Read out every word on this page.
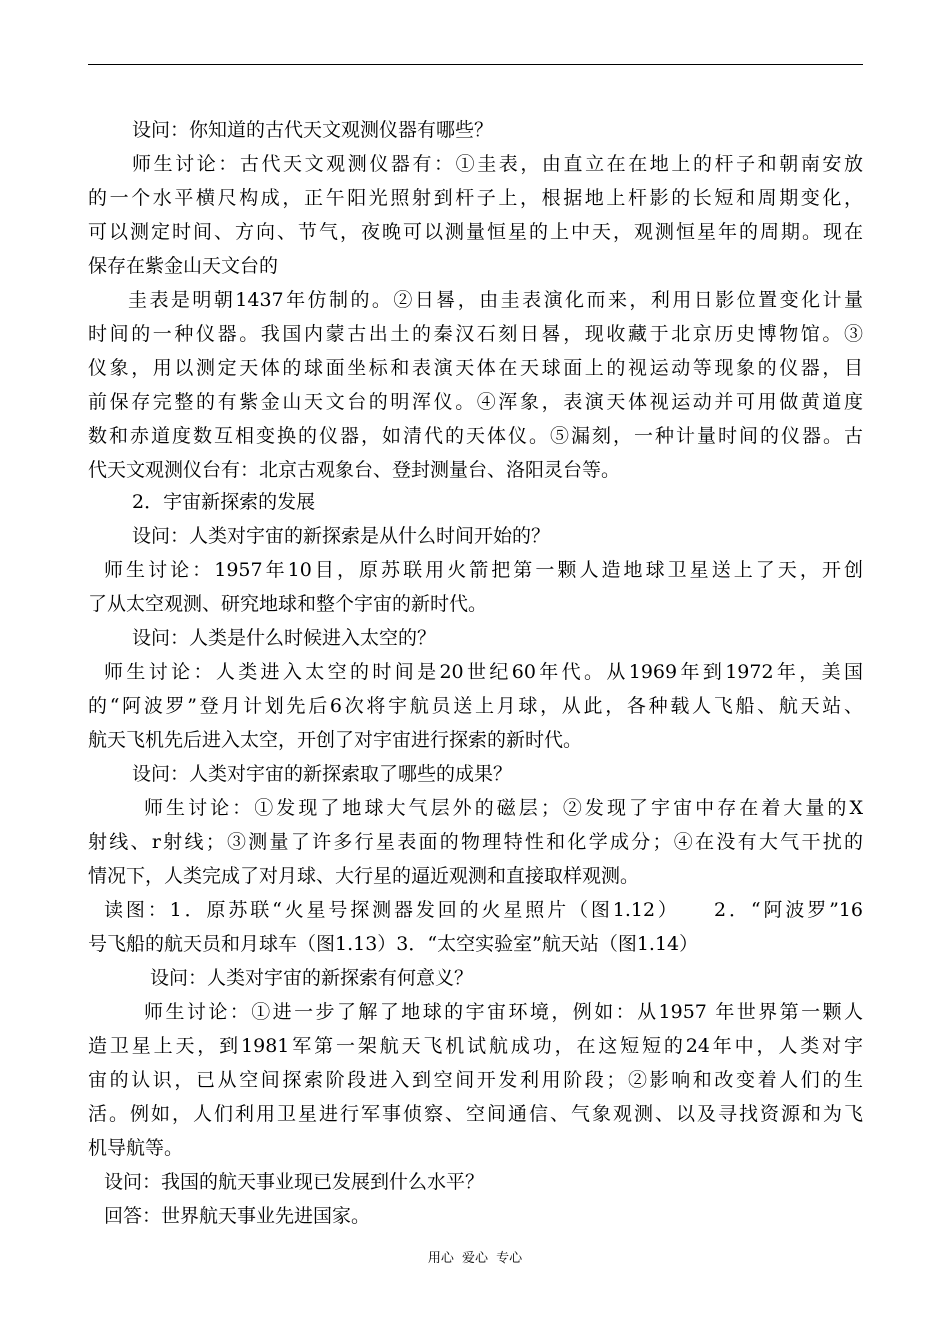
设问：你知道的古代天文观测仪器有哪些？
师生讨论：古代天文观测仪器有：①圭表，由直立在在地上的杆子和朝南安放
的一个水平横尺构成，正午阳光照射到杆子上，根据地上杆影的长短和周期变化，
可以测定时间、方向、节气，夜晚可以测量恒星的上中天，观测恒星年的周期。现在
保存在紫金山天文台的
圭表是明朝1437年仿制的。②日晷，由圭表演化而来，利用日影位置变化计量
时间的一种仪器。我国内蒙古出土的秦汉石刻日晷，现收藏于北京历史博物馆。③
仪象，用以测定天体的球面坐标和表演天体在天球面上的视运动等现象的仪器，目
前保存完整的有紫金山天文台的明浑仪。④浑象，表演天体视运动并可用做黄道度
数和赤道度数互相变换的仪器，如清代的天体仪。⑤漏刻，一种计量时间的仪器。古
代天文观测仪台有：北京古观象台、登封测量台、洛阳灵台等。
2．宇宙新探索的发展
设问：人类对宇宙的新探索是从什么时间开始的？
师生讨论：1957年10目，原苏联用火箭把第一颗人造地球卫星送上了天，开创
了从太空观测、研究地球和整个宇宙的新时代。
设问：人类是什么时候进入太空的？
师生讨论：人类进入太空的时间是20世纪60年代。从1969年到1972年，美国
的“阿波罗”登月计划先后6次将宇航员送上月球，从此，各种载人飞船、航天站、
航天飞机先后进入太空，开创了对宇宙进行探索的新时代。
设问：人类对宇宙的新探索取了哪些的成果？
师生讨论：①发现了地球大气层外的磁层；②发现了宇宙中存在着大量的X
射线、r射线；③测量了许多行星表面的物理特性和化学成分；④在没有大气干扰的
情况下，人类完成了对月球、大行星的逼近观测和直接取样观测。
读图：1．原苏联“火星号探测器发回的火星照片（图1.12）　　2．“阿波罗”16
号飞船的航天员和月球车（图1.13）3．“太空实验室”航天站（图1.14）
设问：人类对宇宙的新探索有何意义？
师生讨论：①进一步了解了地球的宇宙环境，例如：从1957 年世界第一颗人
造卫星上天，到1981军第一架航天飞机试航成功，在这短短的24年中，人类对宇
宙的认识，已从空间探索阶段进入到空间开发利用阶段；②影响和改变着人们的生
活。例如，人们利用卫星进行军事侦察、空间通信、气象观测、以及寻找资源和为飞
机导航等。
设问：我国的航天事业现已发展到什么水平？
回答：世界航天事业先进国家。
用心 爱心 专心
